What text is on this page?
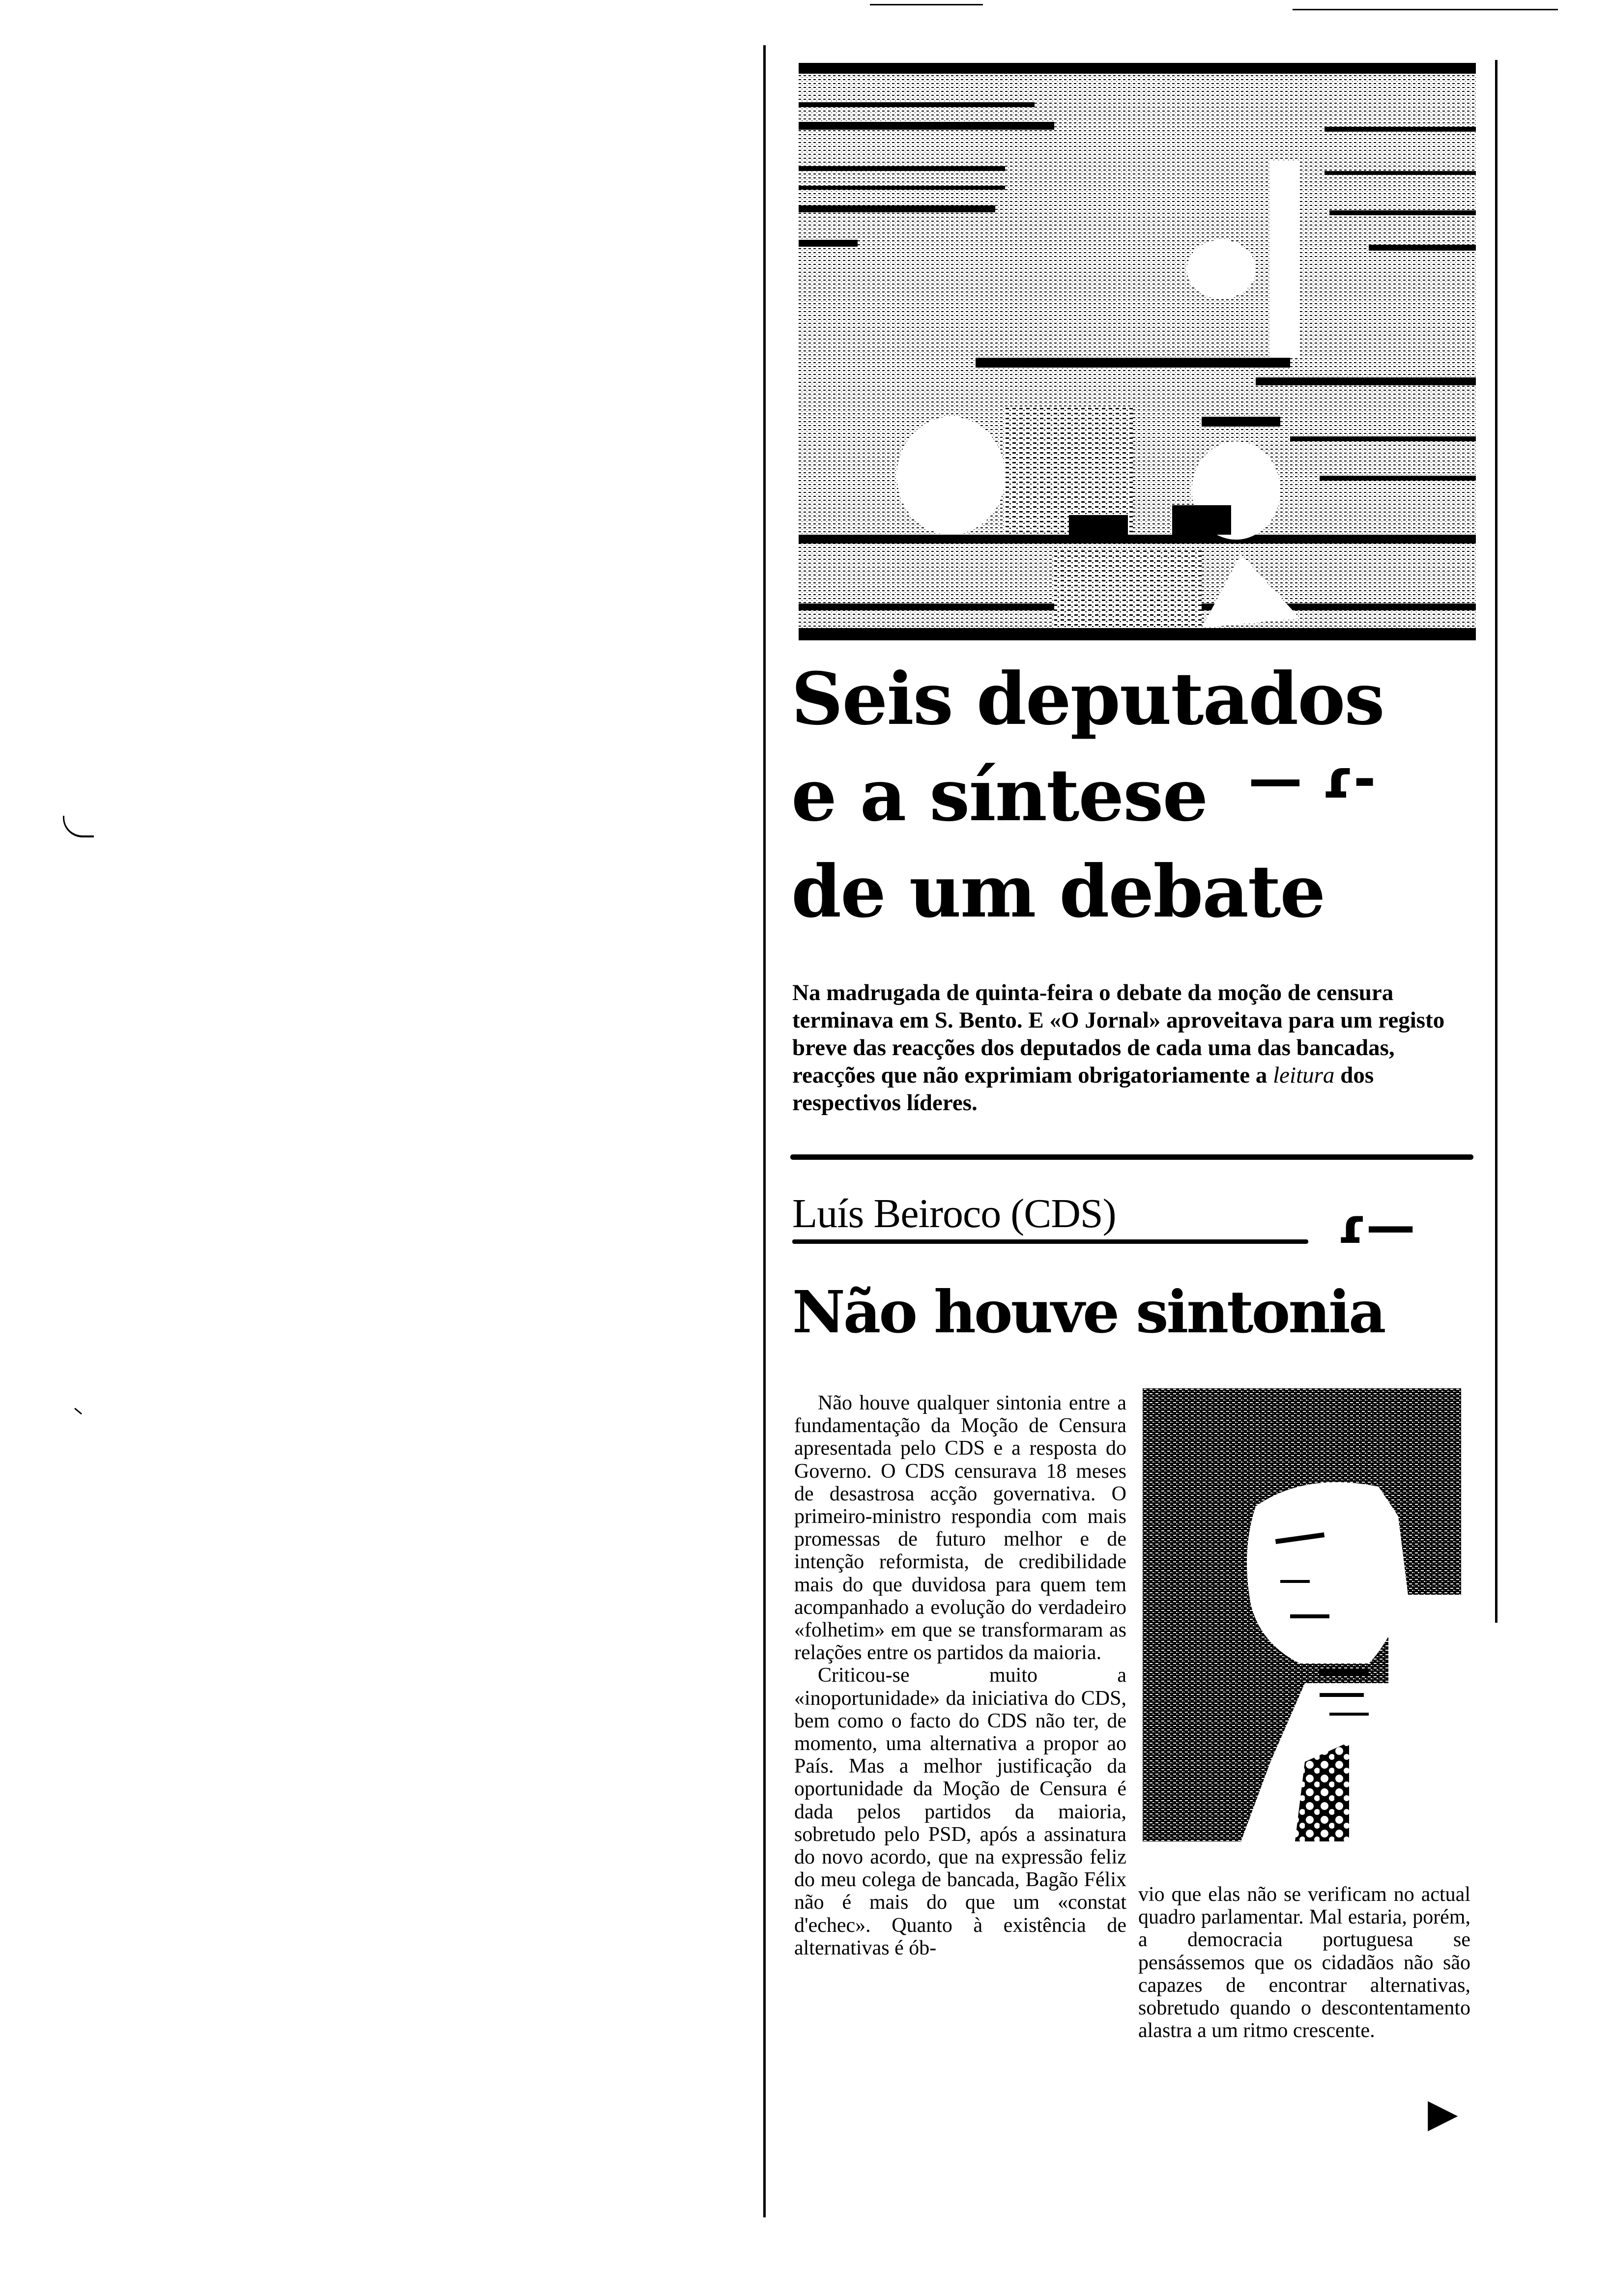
Seis deputados
e a síntese
de um debate
— ɾ-
Na madrugada de quinta-feira o debate da moção de censura terminava em S. Bento. E «O Jornal» aproveitava para um registo breve das reacções dos deputados de cada uma das bancadas, reacções que não exprimiam obrigatoriamente a leitura dos respectivos líderes.
Luís Beiroco (CDS)	ɾ—
Não houve sintonia

Não houve qualquer sintonia entre a fundamentação da Moção de Censura apresentada pelo CDS e a resposta do Governo. O CDS censurava 18 meses de desastrosa acção governativa. O primeiro-ministro respondia com mais promessas de futuro melhor e de intenção reformista, de credibilidade mais do que duvidosa para quem tem acompanhado a evolução do verdadeiro «folhetim» em que se transformaram as relações entre os partidos da maioria.

Criticou-se muito a «inoportunidade» da iniciativa do CDS, bem como o facto do CDS não ter, de momento, uma alternativa a propor ao País. Mas a melhor justificação da oportunidade da Moção de Censura é dada pelos partidos da maioria, sobretudo pelo PSD, após a assinatura do novo acordo, que na expressão feliz do meu colega de bancada, Bagão Félix não é mais do que um «constat d'echec». Quanto à existência de alternativas é ób-

vio que elas não se verificam no actual quadro parlamentar. Mal estaria, porém, a democracia portuguesa se pensássemos que os cidadãos não são capazes de encontrar alternativas, sobretudo quando o descontentamento alastra a um ritmo crescente.

▶
